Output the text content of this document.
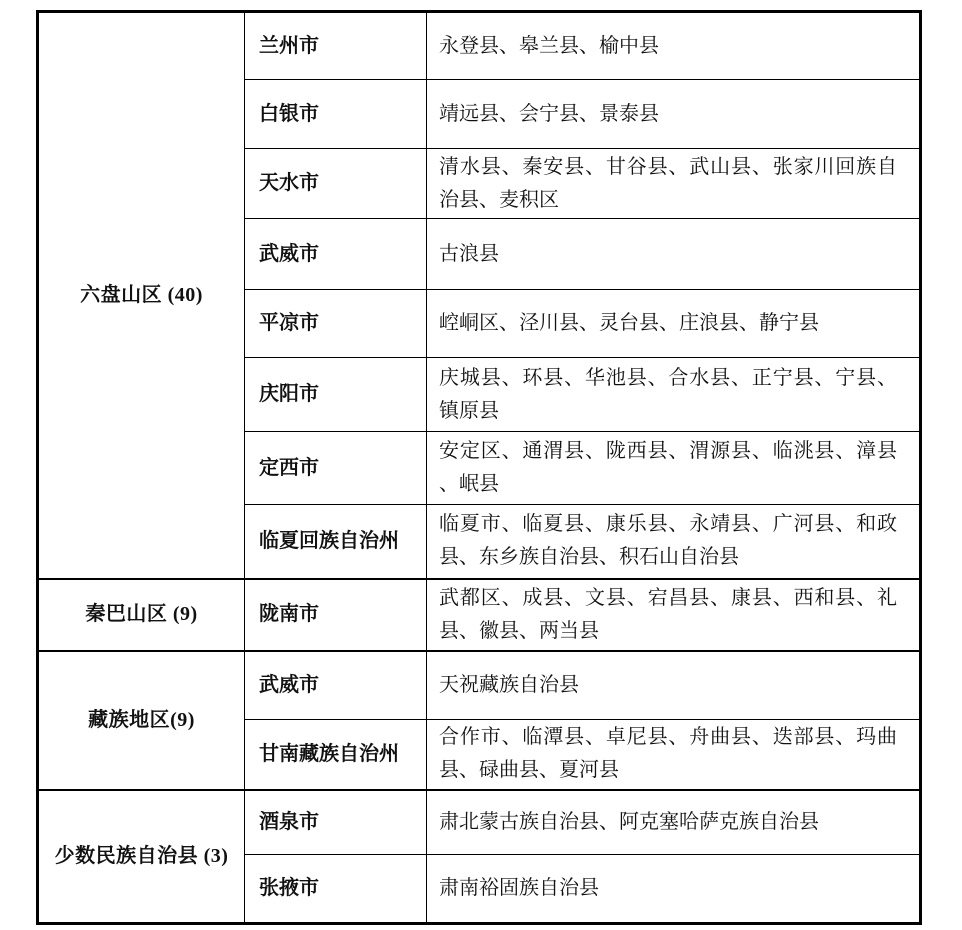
六盘山区 (40)	兰州市	永登县、皋兰县、榆中县
	白银市	靖远县、会宁县、景泰县
	天水市	清水县、秦安县、甘谷县、武山县、张家川回族自治县、麦积区
	武威市	古浪县
	平凉市	崆峒区、泾川县、灵台县、庄浪县、静宁县
	庆阳市	庆城县、环县、华池县、合水县、正宁县、宁县、镇原县
	定西市	安定区、通渭县、陇西县、渭源县、临洮县、漳县、岷县
	临夏回族自治州	临夏市、临夏县、康乐县、永靖县、广河县、和政县、东乡族自治县、积石山自治县
秦巴山区 (9)	陇南市	武都区、成县、文县、宕昌县、康县、西和县、礼县、徽县、两当县
藏族地区(9)	武威市	天祝藏族自治县
	甘南藏族自治州	合作市、临潭县、卓尼县、舟曲县、迭部县、玛曲县、碌曲县、夏河县
少数民族自治县 (3)	酒泉市	肃北蒙古族自治县、阿克塞哈萨克族自治县
	张掖市	肃南裕固族自治县
